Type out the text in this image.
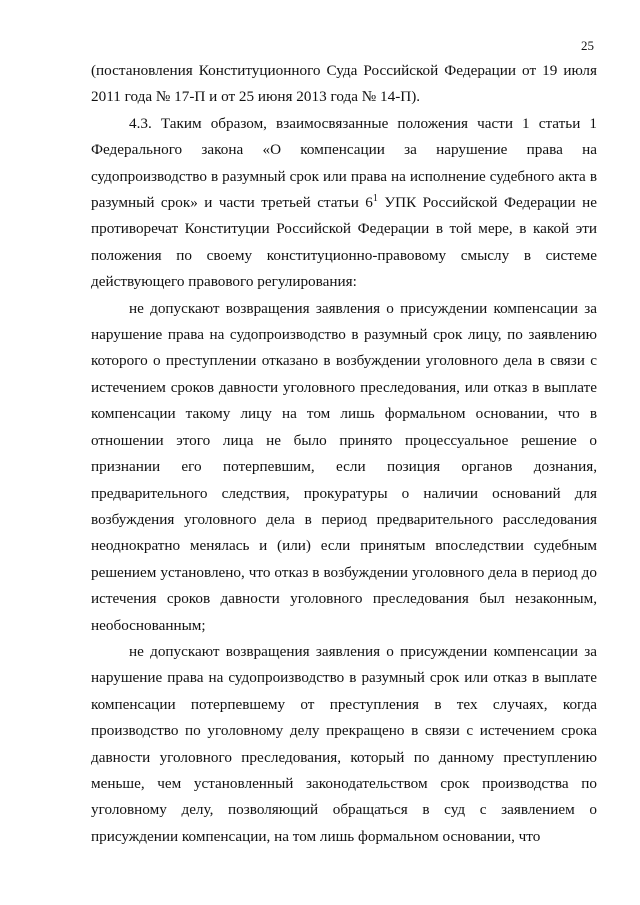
25

(постановления Конституционного Суда Российской Федерации от 19 июля 2011 года № 17-П и от 25 июня 2013 года № 14-П).

4.3. Таким образом, взаимосвязанные положения части 1 статьи 1 Федерального закона «О компенсации за нарушение права на судопроизводство в разумный срок или права на исполнение судебного акта в разумный срок» и части третьей статьи $6^1$ УПК Российской Федерации не противоречат Конституции Российской Федерации в той мере, в какой эти положения по своему конституционно-правовому смыслу в системе действующего правового регулирования:

не допускают возвращения заявления о присуждении компенсации за нарушение права на судопроизводство в разумный срок лицу, по заявлению которого о преступлении отказано в возбуждении уголовного дела в связи с истечением сроков давности уголовного преследования, или отказ в выплате компенсации такому лицу на том лишь формальном основании, что в отношении этого лица не было принято процессуальное решение о признании его потерпевшим, если позиция органов дознания, предварительного следствия, прокуратуры о наличии оснований для возбуждения уголовного дела в период предварительного расследования неоднократно менялась и (или) если принятым впоследствии судебным решением установлено, что отказ в возбуждении уголовного дела в период до истечения сроков давности уголовного преследования был незаконным, необоснованным;

не допускают возвращения заявления о присуждении компенсации за нарушение права на судопроизводство в разумный срок или отказ в выплате компенсации потерпевшему от преступления в тех случаях, когда производство по уголовному делу прекращено в связи с истечением срока давности уголовного преследования, который по данному преступлению меньше, чем установленный законодательством срок производства по уголовному делу, позволяющий обращаться в суд с заявлением о присуждении компенсации, на том лишь формальном основании, что
